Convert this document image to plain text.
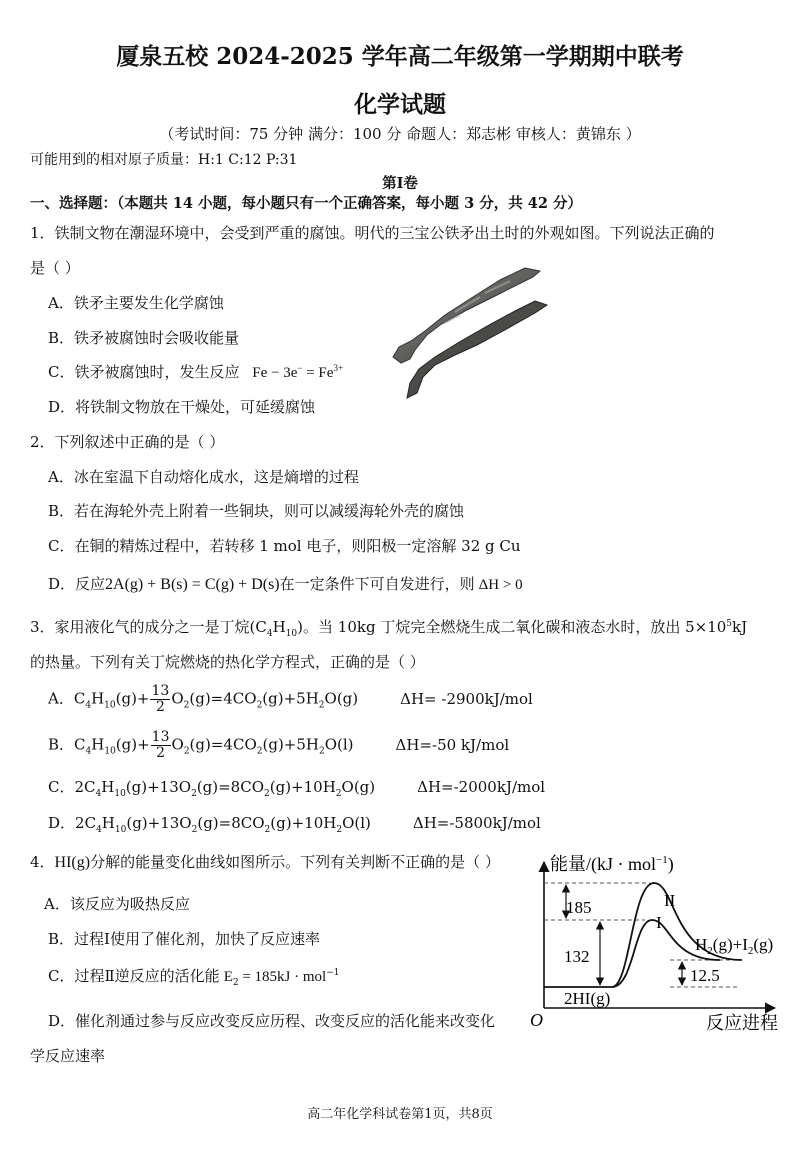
厦泉五校 2024-2025 学年高二年级第一学期期中联考
化学试题
（考试时间：75 分钟 满分：100 分 命题人：郑志彬 审核人：黄锦东 ）
可能用到的相对原子质量：H:1 C:12 P:31
第Ⅰ卷
一、选择题：（本题共 14 小题，每小题只有一个正确答案，每小题 3 分，共 42 分）
1．铁制文物在潮湿环境中，会受到严重的腐蚀。明代的三宝公铁矛出土时的外观如图。下列说法正确的
是（ ）
A．铁矛主要发生化学腐蚀
B．铁矛被腐蚀时会吸收能量
C．铁矛被腐蚀时，发生反应 $Fe - 3e^- = Fe^{3+}$
D．将铁制文物放在干燥处，可延缓腐蚀
2．下列叙述中正确的是（ ）
A．冰在室温下自动熔化成水，这是熵增的过程
B．若在海轮外壳上附着一些铜块，则可以减缓海轮外壳的腐蚀
C．在铜的精炼过程中，若转移 1 mol 电子，则阳极一定溶解 32 g Cu
D．反应2A(g) + B(s) = C(g) + D(s)在一定条件下可自发进行，则 ΔH > 0
3．家用液化气的成分之一是丁烷$(C_4H_{10})$。当 10kg 丁烷完全燃烧生成二氧化碳和液态水时，放出 $5\times 10^5kJ$
的热量。下列有关丁烷燃烧的热化学方程式，正确的是（ ）
A．$C_4H_{10}(g)+ \frac{13}{2} O_2(g)=4CO_2(g)+5H_2O(g)$	ΔH= -2900kJ/mol
B．$C_4H_{10}(g)+ \frac{13}{2} O_2(g)=4CO_2(g)+5H_2O(l)$	ΔH=-50 kJ/mol
C．$2C_4H_{10}(g)+13O_2(g)=8CO_2(g)+10H_2O(g)$	ΔH=-2000kJ/mol
D．$2C_4H_{10}(g)+13O_2(g)=8CO_2(g)+10H_2O(l)$	ΔH=-5800kJ/mol
4．HI(g)分解的能量变化曲线如图所示。下列有关判断不正确的是（ ）
A．该反应为吸热反应
B．过程Ⅰ使用了催化剂，加快了反应速率
C．过程Ⅱ逆反应的活化能 $E_2 = 185kJ \cdot mol^{-1}$
D．催化剂通过参与反应改变反应历程、改变反应的活化能来改变化
学反应速率
能量/(kJ · mol$^{-1}$)
反应进程
O
185
132
12.5
II
I
2HI(g)
$H_2(g)+I_2(g)$
高二年化学科试卷第1页，共8页
